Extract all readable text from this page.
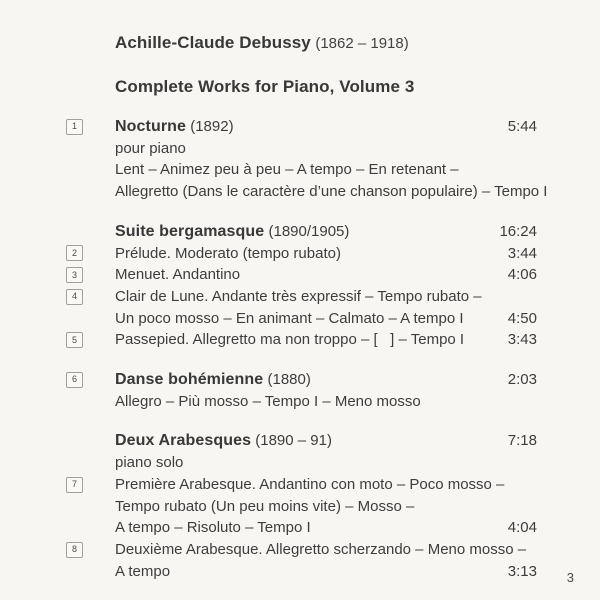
Achille-Claude Debussy (1862 – 1918)
Complete Works for Piano, Volume 3
1 Nocturne (1892)	5:44
pour piano
Lent – Animez peu à peu – A tempo – En retenant –
Allegretto (Dans le caractère d’une chanson populaire) – Tempo I
Suite bergamasque (1890/1905)	16:24
2	Prélude. Moderato (tempo rubato)	3:44
3	Menuet. Andantino	4:06
4	Clair de Lune. Andante très expressif – Tempo rubato –
Un poco mosso – En animant – Calmato – A tempo I	4:50
5	Passepied. Allegretto ma non troppo – [   ] – Tempo I	3:43
6 Danse bohémienne (1880)	2:03
Allegro – Più mosso – Tempo I – Meno mosso
Deux Arabesques (1890 – 91)	7:18
piano solo
7	Première Arabesque. Andantino con moto – Poco mosso –
Tempo rubato (Un peu moins vite) – Mosso –
A tempo – Risoluto – Tempo I	4:04
8	Deuxième Arabesque. Allegretto scherzando – Meno mosso –
A tempo	3:13 3
